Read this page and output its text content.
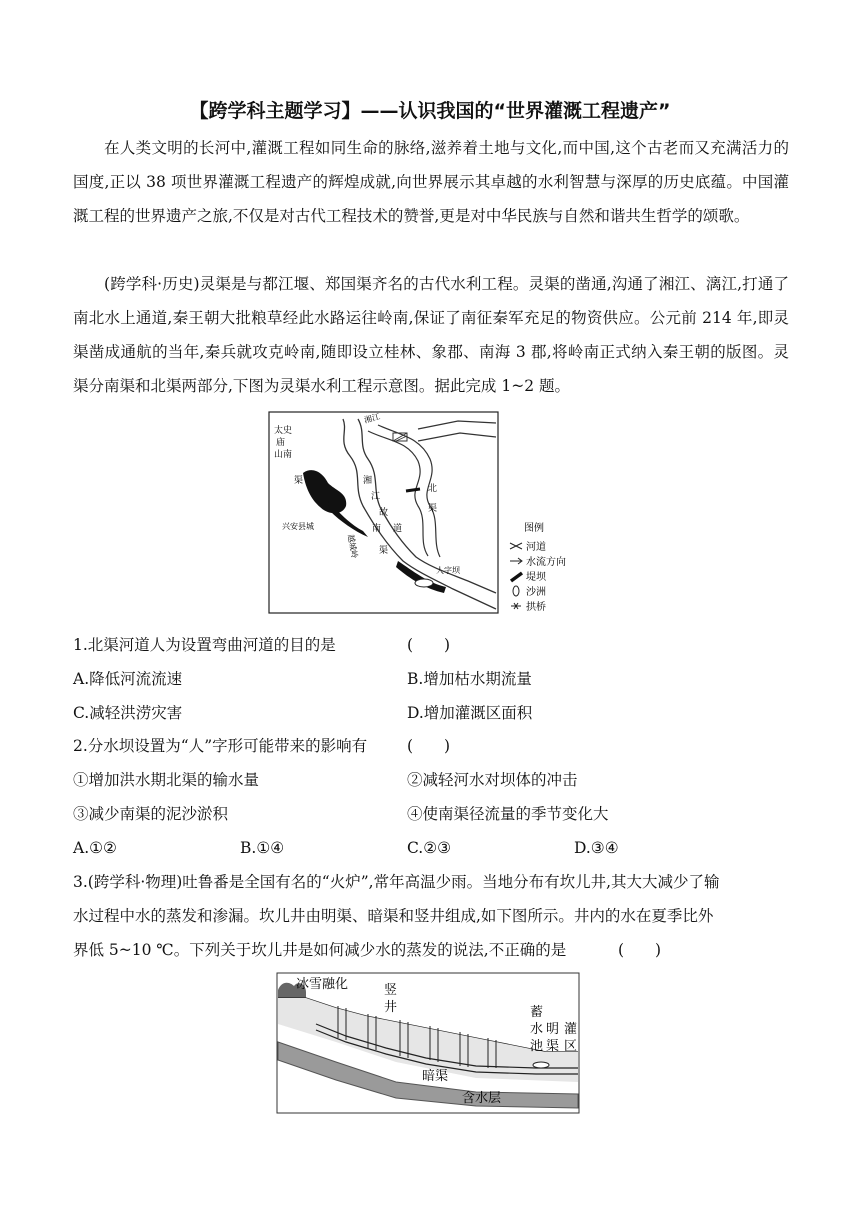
【跨学科主题学习】——认识我国的“世界灌溉工程遗产”

在人类文明的长河中,灌溉工程如同生命的脉络,滋养着土地与文化,而中国,这个古老而又充满活力的国度,正以 38 项世界灌溉工程遗产的辉煌成就,向世界展示其卓越的水利智慧与深厚的历史底蕴。中国灌溉工程的世界遗产之旅,不仅是对古代工程技术的赞誉,更是对中华民族与自然和谐共生哲学的颂歌。

(跨学科·历史)灵渠是与都江堰、郑国渠齐名的古代水利工程。灵渠的凿通,沟通了湘江、漓江,打通了南北水上通道,秦王朝大批粮草经此水路运往岭南,保证了南征秦军充足的物资供应。公元前 214 年,即灵渠凿成通航的当年,秦兵就攻克岭南,随即设立桂林、象郡、南海 3 郡,将岭南正式纳入秦王朝的版图。灵渠分南渠和北渠两部分,下图为灵渠水利工程示意图。据此完成 1~2 题。

太史
庙
山南
渠
兴安县城
湘
江
故
道
南
渠
北
渠
人字坝
越城岭
湘江
图例
河道
水流方向
堤坝
沙洲
拱桥
1.北渠河道人为设置弯曲河道的目的是	(　　)
A.降低河流流速	B.增加枯水期流量
C.减轻洪涝灾害	D.增加灌溉区面积
2.分水坝设置为“人”字形可能带来的影响有	(　　)
①增加洪水期北渠的输水量	②减轻河水对坝体的冲击
③减少南渠的泥沙淤积	④使南渠径流量的季节变化大
A.①②	B.①④	C.②③	D.③④
3.(跨学科·物理)吐鲁番是全国有名的“火炉”,常年高温少雨。当地分布有坎儿井,其大大减少了输
水过程中水的蒸发和渗漏。坎儿井由明渠、暗渠和竖井组成,如下图所示。井内的水在夏季比外
界低 5~10 ℃。下列关于坎儿井是如何减少水的蒸发的说法,不正确的是	(　　)
冰雪融化	竖
井	蓄
水
池
明
渠
灌
区
暗渠
含水层
